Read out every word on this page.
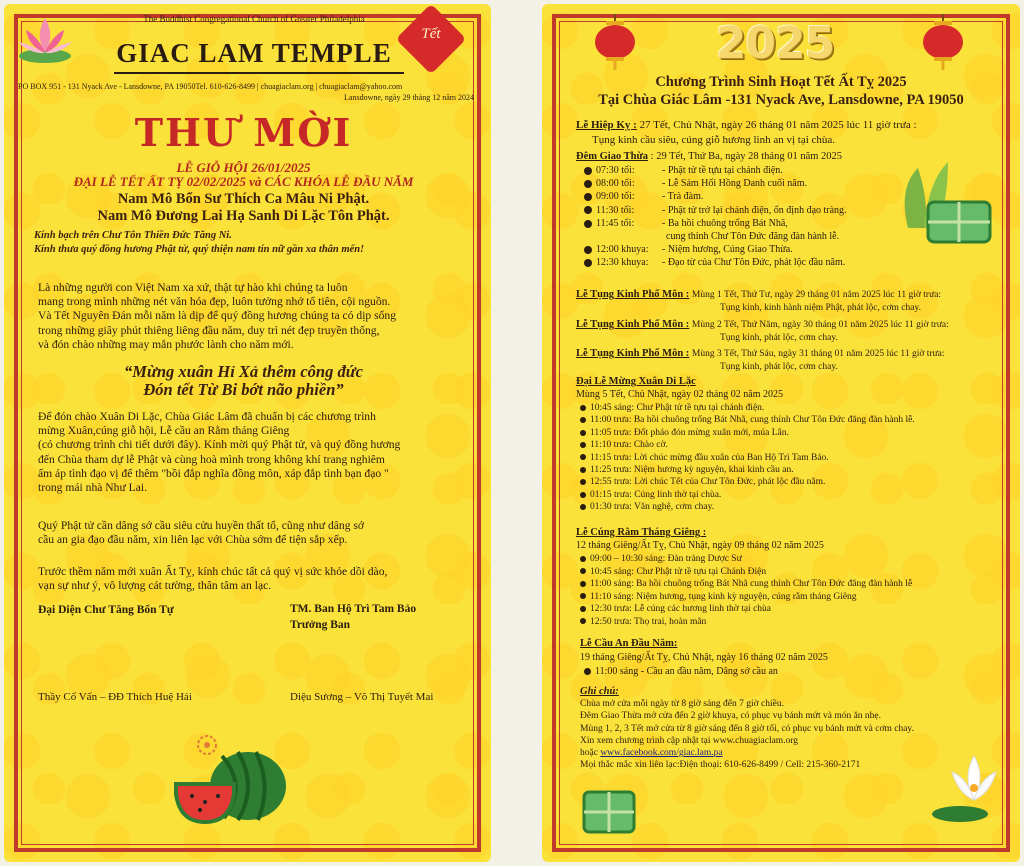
The Buddhist Congregational Church of Greater Philadelphia
GIAC LAM TEMPLE
Tết
PO BOX 951 - 131 Nyack Ave - Lansdowne, PA 19050Tel. 610-626-8499 | chuagiaclam.org | chuagiaclam@yahoo.com
Lansdowne, ngày 29 tháng 12 năm 2024
THƯ MỜI
LỄ GIỖ HỘI 26/01/2025
ĐẠI LỄ TẾT ẤT TỴ 02/02/2025 và CÁC KHÓA LỄ ĐẦU NĂM
Nam Mô Bổn Sư Thích Ca Mâu Ni Phật.
Nam Mô Đương Lai Hạ Sanh Di Lặc Tôn Phật.
Kính bạch trên Chư Tôn Thiền Đức Tăng Ni.
Kính thưa quý đồng hương Phật tử, quý thiện nam tín nữ gần xa thân mến!
Là những người con Việt Nam xa xứ, thật tự hào khi chúng ta luôn
mang trong mình những nét văn hóa đẹp, luôn tưởng nhớ tổ tiên, cội nguồn.
Và Tết Nguyên Đán mỗi năm là dịp để quý đồng hương chúng ta có dịp sống
trong những giây phút thiêng liêng đầu năm, duy trì nét đẹp truyền thống,
và đón chào những may mắn phước lành cho năm mới.
“Mừng xuân Hỉ Xả thêm công đức
Đón tết Từ Bi bớt não phiền”
Để đón chào Xuân Di Lặc, Chùa Giác Lâm đã chuẩn bị các chương trình
mừng Xuân,cúng giỗ hội, Lễ cầu an Rằm tháng Giêng
(có chương trình chi tiết dưới đây). Kính mời quý Phật tử, và quý đồng hương
đến Chùa tham dự lễ Phật và cùng hoà mình trong không khí trang nghiêm
ấm áp tình đạo vị để thêm "bồi đắp nghĩa đồng môn, xáp đắp tình bạn đạo "
trong mái nhà Như Lai.
Quý Phật tử cần dâng sớ cầu siêu cửu huyền thất tổ, cũng như dâng sớ
cầu an gia đạo đầu năm, xin liên lạc với Chùa sớm để tiện sắp xếp.
Trước thềm năm mới xuân Ất Tỵ, kính chúc tất cả quý vị sức khỏe dồi dào,
vạn sự như ý, vô lượng cát tường, thân tâm an lạc.
Đại Diện Chư Tăng Bổn Tự	TM. Ban Hộ Trì Tam Bảo
Trưởng Ban
Thầy Cố Vấn – ĐĐ Thích Huệ Hải	Diệu Sương – Võ Thị Tuyết Mai
2025
Chương Trình Sinh Hoạt Tết Ất Tỵ 2025
Tại Chùa Giác Lâm -131 Nyack Ave, Lansdowne, PA 19050
Lễ Hiệp Kỵ : 27 Tết, Chủ Nhật, ngày 26 tháng 01 năm 2025 lúc 11 giờ trưa :
Tụng kinh cầu siêu, cúng giỗ hương linh an vị tại chùa.
Đêm Giao Thừa : 29 Tết, Thứ Ba, ngày 28 tháng 01 năm 2025
07:30 tối:	- Phật tử tề tựu tại chánh điện.
08:00 tối:	- Lễ Sám Hối Hồng Danh cuối năm.
09:00 tối:	- Trà đàm.
11:30 tối:	- Phật tử trở lại chánh điện, ổn định đạo tràng.
11:45 tối:	- Ba hồi chuông trống Bát Nhã,
cung thỉnh Chư Tôn Đức đăng đàn hành lễ.
12:00 khuya: - Niệm hương, Cúng Giao Thừa.
12:30 khuya: - Đạo từ của Chư Tôn Đức, phát lộc đầu năm.
Lễ Tụng Kinh Phổ Môn : Mùng 1 Tết, Thứ Tư, ngày 29 tháng 01 năm 2025 lúc 11 giờ trưa:
Tụng kinh, kinh hành niệm Phật, phát lộc, cơm chay.
Lễ Tụng Kinh Phổ Môn : Mùng 2 Tết, Thứ Năm, ngày 30 tháng 01 năm 2025 lúc 11 giờ trưa:
Tụng kinh, phát lộc, cơm chay.
Lễ Tụng Kinh Phổ Môn : Mùng 3 Tết, Thứ Sáu, ngày 31 tháng 01 năm 2025 lúc 11 giờ trưa:
Tụng kinh, phát lộc, cơm chay.
Đại Lễ Mừng Xuân Di Lặc
Mùng 5 Tết, Chủ Nhật, ngày 02 tháng 02 năm 2025
10:45 sáng: Chư Phật tử tề tựu tại chánh điện.
11:00 trưa: Ba hồi chuông trống Bát Nhã, cung thỉnh Chư Tôn Đức đăng đàn hành lễ.
11:05 trưa: Đốt pháo đón mừng xuân mới, múa Lân.
11:10 trưa: Chào cờ.
11:15 trưa: Lời chúc mừng đầu xuân của Ban Hộ Trì Tam Bảo.
11:25 trưa: Niệm hương kỳ nguyện, khai kinh cầu an.
12:55 trưa: Lời chúc Tết của Chư Tôn Đức, phát lộc đầu năm.
01:15 trưa: Cúng linh thờ tại chùa.
01:30 trưa: Văn nghệ, cơm chay.
Lễ Cúng Rằm Tháng Giêng :
12 tháng Giêng/Ất Tỵ, Chủ Nhật, ngày 09 tháng 02 năm 2025
09:00 – 10:30 sáng: Đàn tràng Dược Sư
10:45 sáng: Chư Phật tử tề tựu tại Chánh Điện
11:00 sáng: Ba hồi chuông trống Bát Nhã cung thỉnh Chư Tôn Đức đăng đàn hành lễ
11:10 sáng: Niệm hương, tụng kinh kỳ nguyện, cúng rằm tháng Giêng
12:30 trưa: Lễ cúng các hương linh thờ tại chùa
12:50 trưa: Thọ trai, hoàn mãn
Lễ Cầu An Đầu Năm:
19 tháng Giêng/Ất Tỵ, Chủ Nhật, ngày 16 tháng 02 năm 2025
11:00 sáng - Cầu an đầu năm, Dâng sớ cầu an
Ghi chú:
Chùa mở cửa mỗi ngày từ 8 giờ sáng đến 7 giờ chiều.
Đêm Giao Thừa mở cửa đến 2 giờ khuya, có phục vụ bánh mứt và món ăn nhẹ.
Mùng 1, 2, 3 Tết mở cửa từ 8 giờ sáng đến 8 giờ tối, có phục vụ bánh mứt và cơm chay.
Xin xem chương trình cập nhật tại www.chuagiaclam.org
hoặc www.facebook.com/giac.lam.pa
Mọi thắc mắc xin liên lạc:Điện thoại: 610-626-8499 / Cell: 215-360-2171
